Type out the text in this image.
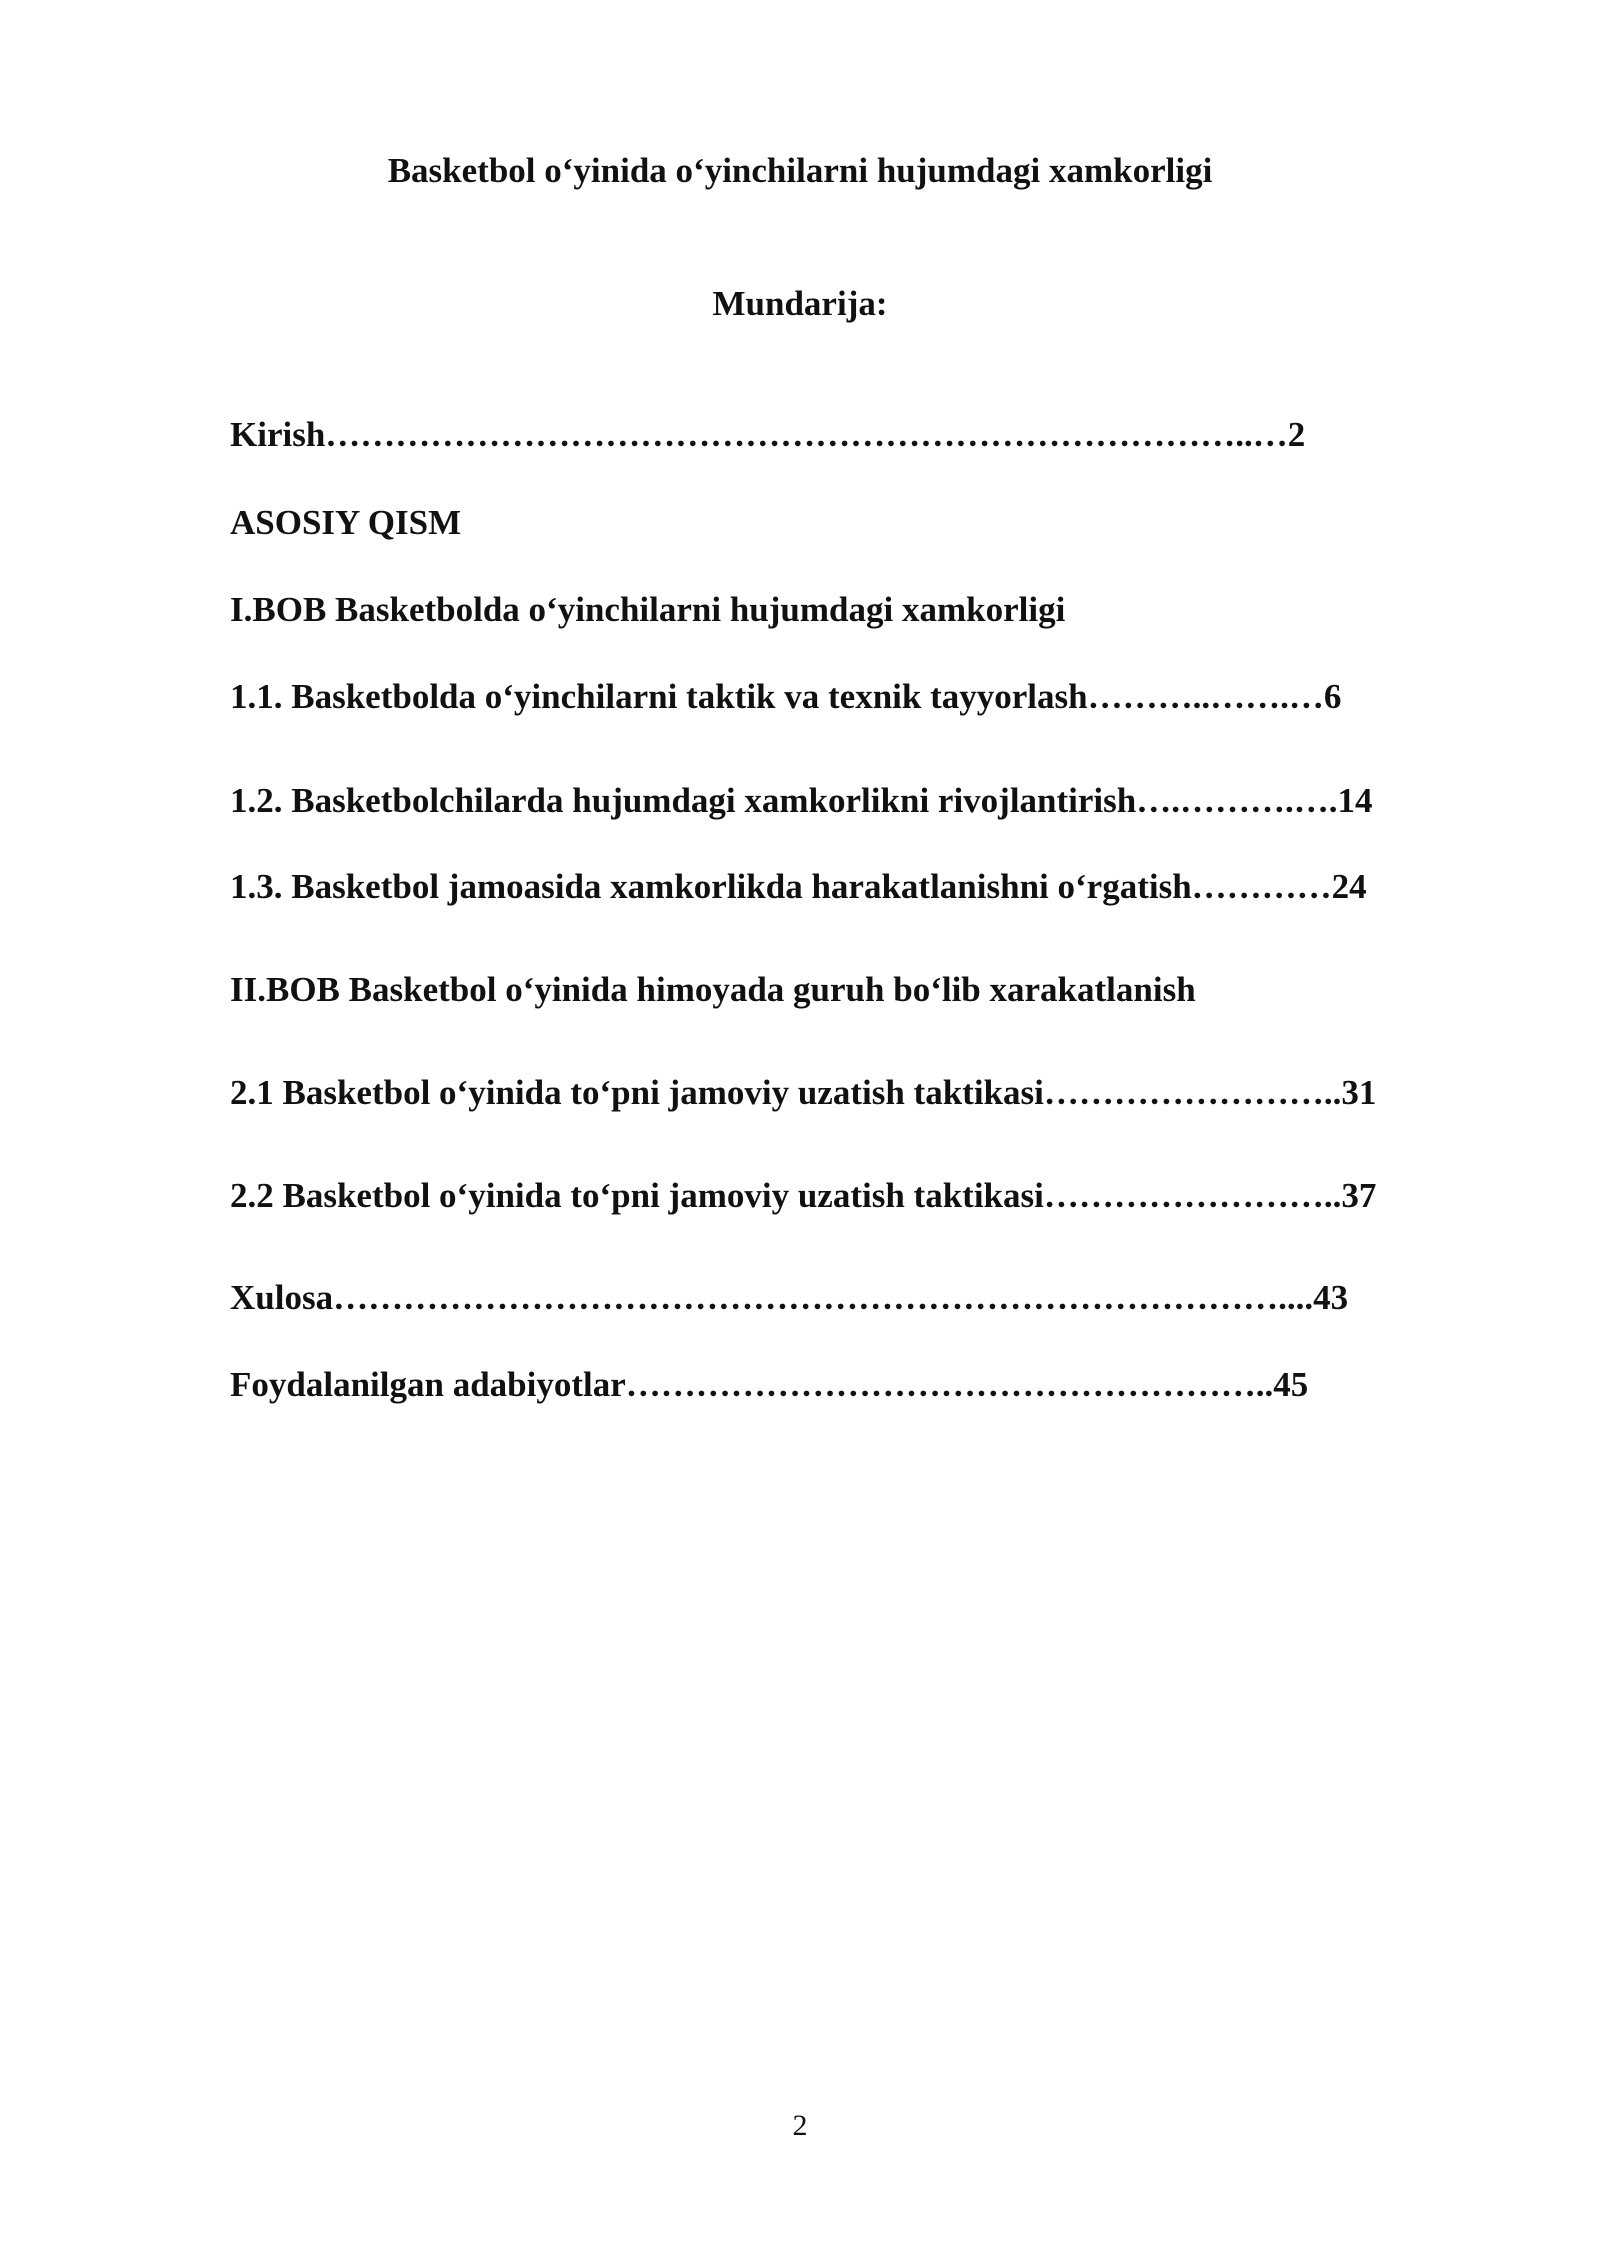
Basketbol o‘yinida o‘yinchilarni hujumdagi xamkorligi
Mundarija:
Kirish……………………………………………………………………..…2
ASOSIY QISM
I.BOB Basketbolda o‘yinchilarni hujumdagi xamkorligi
1.1. Basketbolda o‘yinchilarni taktik va texnik tayyorlash………..…….…6
1.2. Basketbolchilarda hujumdagi xamkorlikni rivojlantirish….……….….14
1.3. Basketbol jamoasida xamkorlikda harakatlanishni o‘rgatish…………24
II.BOB Basketbol o‘yinida himoyada guruh bo‘lib xarakatlanish
2.1 Basketbol o‘yinida to‘pni jamoviy uzatish taktikasi……………………..31
2.2 Basketbol o‘yinida to‘pni jamoviy uzatish taktikasi……………………..37
Xulosa………………………………………………………………………....43
Foydalanilgan adabiyotlar………………………………………………..45
2
